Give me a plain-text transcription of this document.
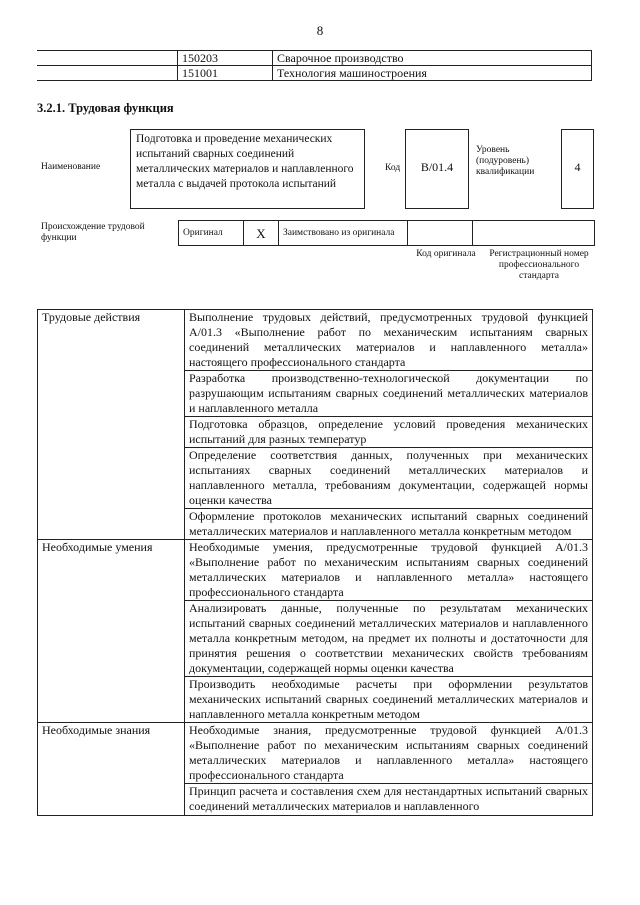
8
	150203	Сварочное производство
	151001	Технология машиностроения
3.2.1. Трудовая функция
Наименование
Подготовка и проведение механических испытаний сварных соединений металлических материалов и наплавленного металла с выдачей протокола испытаний
Код	B/01.4
Уровень (подуровень) квалификации	4
Происхождение трудовой функции
Оригинал	X	Заимствовано из оригинала		
Код оригинала	Регистрационный номер профессионального стандарта
Трудовые действия	Выполнение трудовых действий, предусмотренных трудовой функцией А/01.3 «Выполнение работ по механическим испытаниям сварных соединений металлических материалов и наплавленного металла» настоящего профессионального стандарта
	Разработка производственно-технологической документации по разрушающим испытаниям сварных соединений металлических материалов и наплавленного металла
	Подготовка образцов, определение условий проведения механических испытаний для разных температур
	Определение соответствия данных, полученных при механических испытаниях сварных соединений металлических материалов и наплавленного металла, требованиям документации, содержащей нормы оценки качества
	Оформление протоколов механических испытаний сварных соединений металлических материалов и наплавленного металла конкретным методом
Необходимые умения	Необходимые умения, предусмотренные трудовой функцией А/01.3 «Выполнение работ по механическим испытаниям сварных соединений металлических материалов и наплавленного металла» настоящего профессионального стандарта
	Анализировать данные, полученные по результатам механических испытаний сварных соединений металлических материалов и наплавленного металла конкретным методом, на предмет их полноты и достаточности для принятия решения о соответствии механических свойств требованиям документации, содержащей нормы оценки качества
	Производить необходимые расчеты при оформлении результатов механических испытаний сварных соединений металлических материалов и наплавленного металла конкретным методом
Необходимые знания	Необходимые знания, предусмотренные трудовой функцией А/01.3 «Выполнение работ по механическим испытаниям сварных соединений металлических материалов и наплавленного металла» настоящего профессионального стандарта
	Принцип расчета и составления схем для нестандартных испытаний сварных соединений металлических материалов и наплавленного
